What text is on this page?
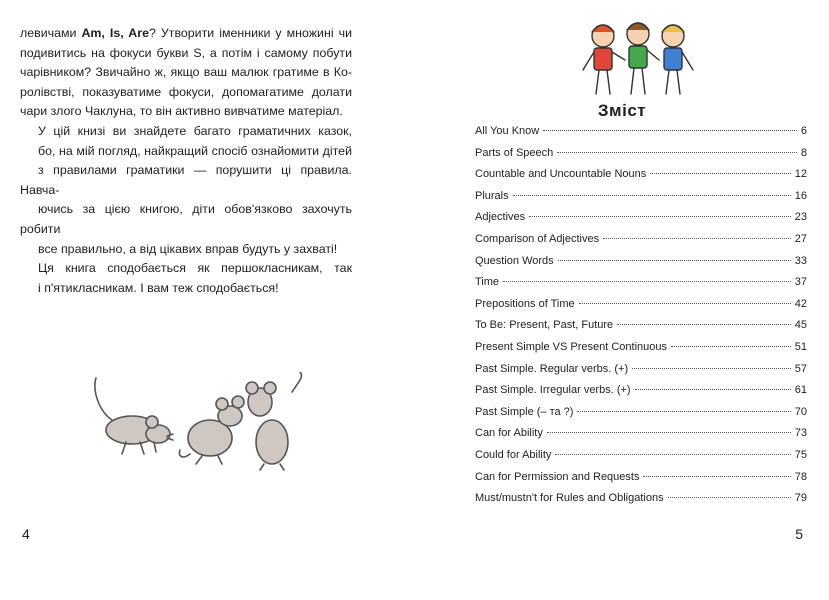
левичами Am, Is, Are? Утворити іменники у множині чи
подивитись на фокуси букви S, а потім і самому побути
чарівником? Звичайно ж, якщо ваш малюк гратиме в Ко-
ролівстві, показуватиме фокуси, допомагатиме долати
чари злого Чаклуна, то він активно вивчатиме матеріал.

У цій книзі ви знайдете багато граматичних казок,
бо, на мій погляд, найкращий спосіб ознайомити дітей
з правилами граматики — порушити ці правила. Навча-
ючись за цією книгою, діти обов'язково захочуть робити
все правильно, а від цікавих вправ будуть у захваті!

Ця книга сподобається як першокласникам, так
і п'ятикласникам. І вам теж сподобається!

4
Зміст
All You Know	6
Parts of Speech	8
Countable and Uncountable Nouns	12
Plurals	16
Adjectives	23
Comparison of Adjectives	27
Question Words	33
Time	37
Prepositions of Time	42
To Be: Present, Past, Future	45
Present Simple VS Present Continuous	51
Past Simple. Regular verbs. (+)	57
Past Simple. Irregular verbs. (+)	61
Past Simple (– та ?)	70
Can for Ability	73
Could for Ability	75
Can for Permission and Requests	78
Must/mustn't for Rules and Obligations	79
5
